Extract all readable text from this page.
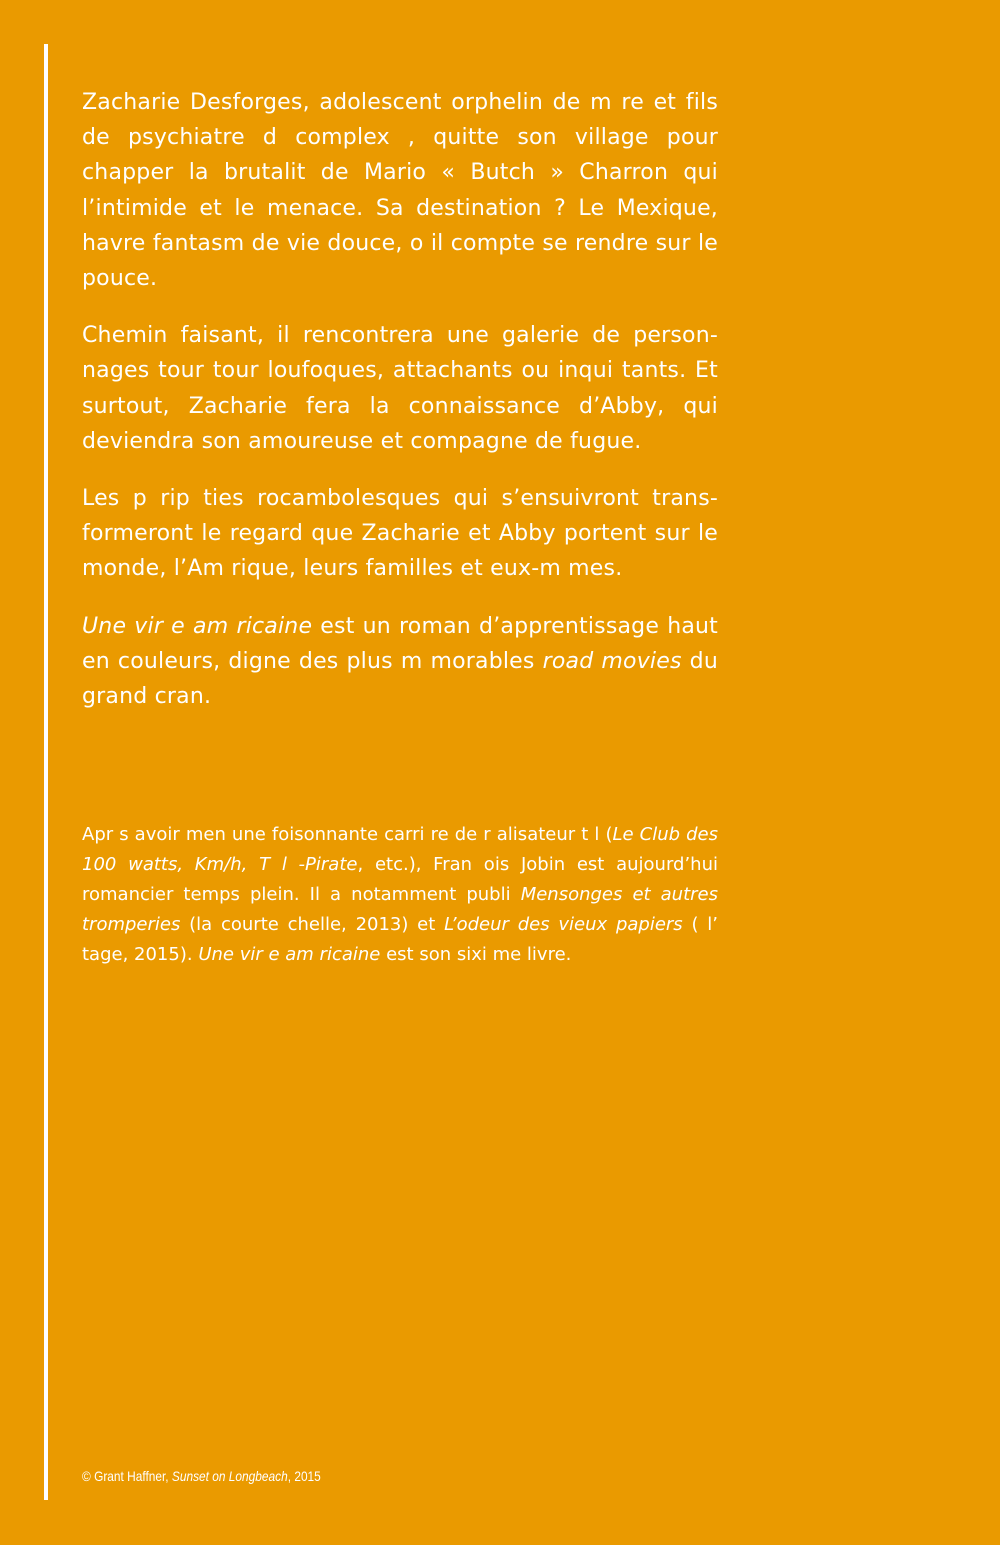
Zacharie Desforges, adolescent orphelin de m re et fils de psychiatre d complex , quitte son village pour chapper la brutalit de Mario « Butch » Charron qui l’intimide et le menace. Sa destination ? Le Mexique, havre fantasm de vie douce, o il compte se rendre sur le pouce.

Chemin faisant, il rencontrera une galerie de person-nages tour tour loufoques, attachants ou inqui tants. Et surtout, Zacharie fera la connaissance d’Abby, qui deviendra son amoureuse et compagne de fugue.

Les p rip ties rocambolesques qui s’ensuivront trans-formeront le regard que Zacharie et Abby portent sur le monde, l’Am rique, leurs familles et eux-m mes.

Une vir e am ricaine est un roman d’apprentissage haut en couleurs, digne des plus m morables road movies du grand cran.

Apr s avoir men une foisonnante carri re de r alisateur t l (Le Club des 100 watts, Km/h, T l -Pirate, etc.), Fran ois Jobin est aujourd’hui romancier temps plein. Il a notamment publi Mensonges et autres tromperies (la courte chelle, 2013) et L’odeur des vieux papiers ( l’ tage, 2015). Une vir e am ricaine est son sixi me livre.
© Grant Haffner, Sunset on Longbeach, 2015
